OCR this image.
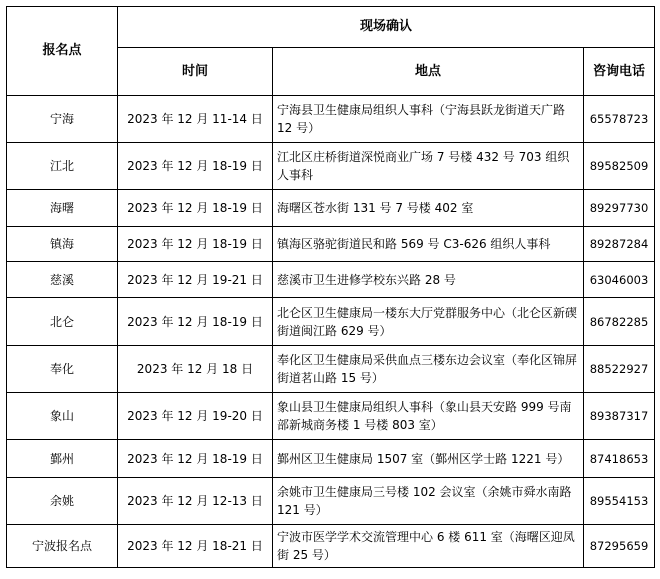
报名点	现场确认		
	时间	地点	咨询电话
宁海	2023 年 12 月 11-14 日	宁海县卫生健康局组织人事科（宁海县跃龙街道天广路 12 号）	65578723
江北	2023 年 12 月 18-19 日	江北区庄桥街道深悦商业广场 7 号楼 432 号 703 组织人事科	89582509
海曙	2023 年 12 月 18-19 日	海曙区苍水街 131 号 7 号楼 402 室	89297730
镇海	2023 年 12 月 18-19 日	镇海区骆驼街道民和路 569 号 C3-626 组织人事科	89287284
慈溪	2023 年 12 月 19-21 日	慈溪市卫生进修学校东兴路 28 号	63046003
北仑	2023 年 12 月 18-19 日	北仑区卫生健康局一楼东大厅党群服务中心（北仑区新碶街道闽江路 629 号）	86782285
奉化	2023 年 12 月 18 日	奉化区卫生健康局采供血点三楼东边会议室（奉化区锦屏街道茗山路 15 号）	88522927
象山	2023 年 12 月 19-20 日	象山县卫生健康局组织人事科（象山县天安路 999 号南部新城商务楼 1 号楼 803 室）	89387317
鄞州	2023 年 12 月 18-19 日	鄞州区卫生健康局 1507 室（鄞州区学士路 1221 号）	87418653
余姚	2023 年 12 月 12-13 日	余姚市卫生健康局三号楼 102 会议室（余姚市舜水南路 121 号）	89554153
宁波报名点	2023 年 12 月 18-21 日	宁波市医学学术交流管理中心 6 楼 611 室（海曙区迎凤街 25 号）	87295659
